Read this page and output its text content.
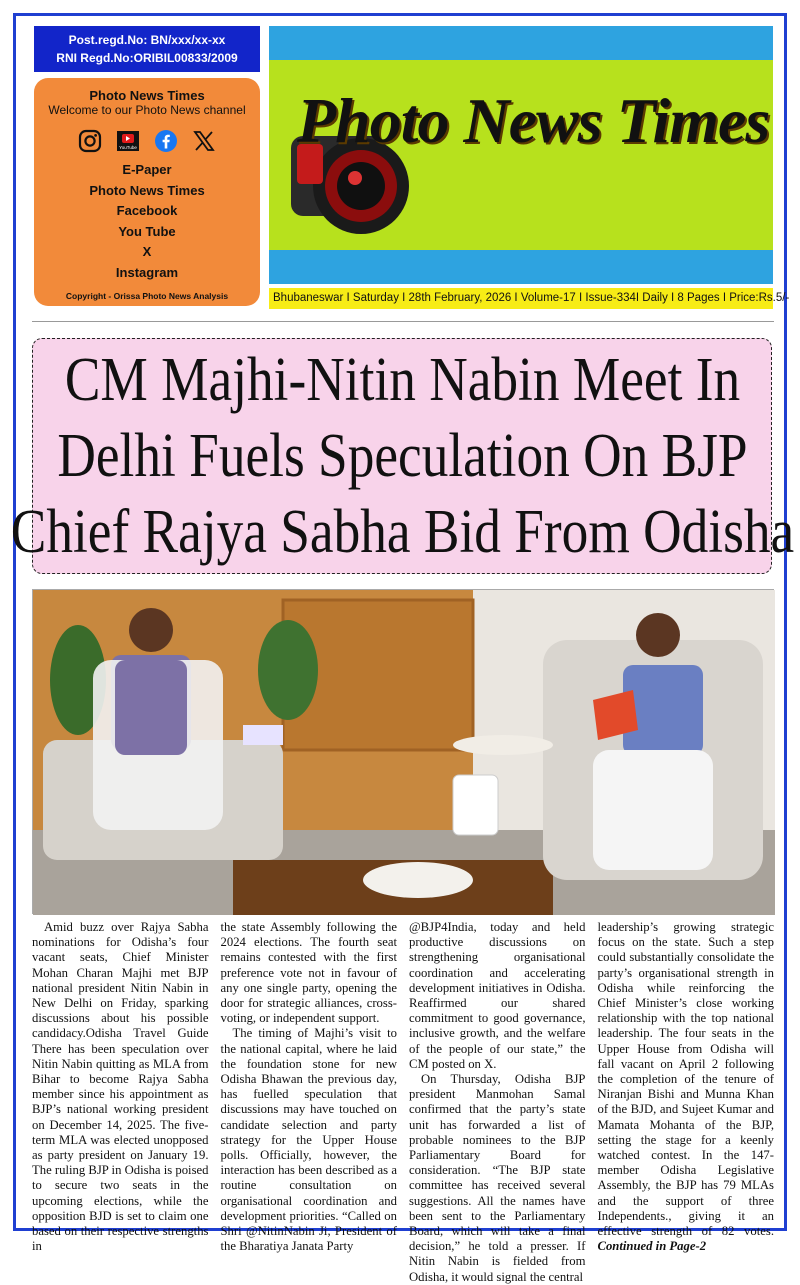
Post.regd.No: BN/xxx/xx-xx
RNI Regd.No:ORIBIL00833/2009
Photo News Times
Welcome to our Photo News channel
YouTube
E-Paper
Photo News Times
Facebook
You Tube
X
Instagram
Copyright - Orissa Photo News Analysis
Photo News Times
Bhubaneswar I Saturday I 28th February, 2026 I Volume-17 I Issue-334I Daily I 8 Pages I Price:Rs.5/-
CM Majhi-Nitin Nabin Meet In
Delhi Fuels Speculation On BJP
Chief Rajya Sabha Bid From Odisha

Amid buzz over Rajya Sabha nominations for Odisha’s four vacant seats, Chief Minister Mohan Charan Majhi met BJP national president Nitin Nabin in New Delhi on Friday, sparking discussions about his possible candidacy.Odisha Travel Guide There has been speculation over Nitin Nabin quitting as MLA from Bihar to become Rajya Sabha member since his appointment as BJP’s national working president on December 14, 2025. The five-term MLA was elected unopposed as party president on January 19. The ruling BJP in Odisha is poised to secure two seats in the upcoming elections, while the opposition BJD is set to claim one based on their respective strengths in

the state Assembly following the 2024 elections. The fourth seat remains contested with the first preference vote not in favour of any one single party, opening the door for strategic alliances, cross-voting, or independent support.

The timing of Majhi’s visit to the national capital, where he laid the foundation stone for new Odisha Bhawan the previous day, has fuelled speculation that discussions may have touched on candidate selection and party strategy for the Upper House polls. Officially, however, the interaction has been described as a routine consultation on organisational coordination and development priorities. “Called on Shri @NitinNabin Ji, President of the Bharatiya Janata Party

@BJP4India, today and held productive discussions on strengthening organisational coordination and accelerating development initiatives in Odisha. Reaffirmed our shared commitment to good governance, inclusive growth, and the welfare of the people of our state,” the CM posted on X.

On Thursday, Odisha BJP president Manmohan Samal confirmed that the party’s state unit has forwarded a list of probable nominees to the BJP Parliamentary Board for consideration. “The BJP state committee has received several suggestions. All the names have been sent to the Parliamentary Board, which will take a final decision,” he told a presser. If Nitin Nabin is fielded from Odisha, it would signal the central

leadership’s growing strategic focus on the state. Such a step could substantially consolidate the party’s organisational strength in Odisha while reinforcing the Chief Minister’s close working relationship with the top national leadership. The four seats in the Upper House from Odisha will fall vacant on April 2 following the completion of the tenure of Niranjan Bishi and Munna Khan of the BJD, and Sujeet Kumar and Mamata Mohanta of the BJP, setting the stage for a keenly watched contest. In the 147-member Odisha Legislative Assembly, the BJP has 79 MLAs and the support of three Independents., giving it an effective strength of 82 votes. Continued in Page-2
